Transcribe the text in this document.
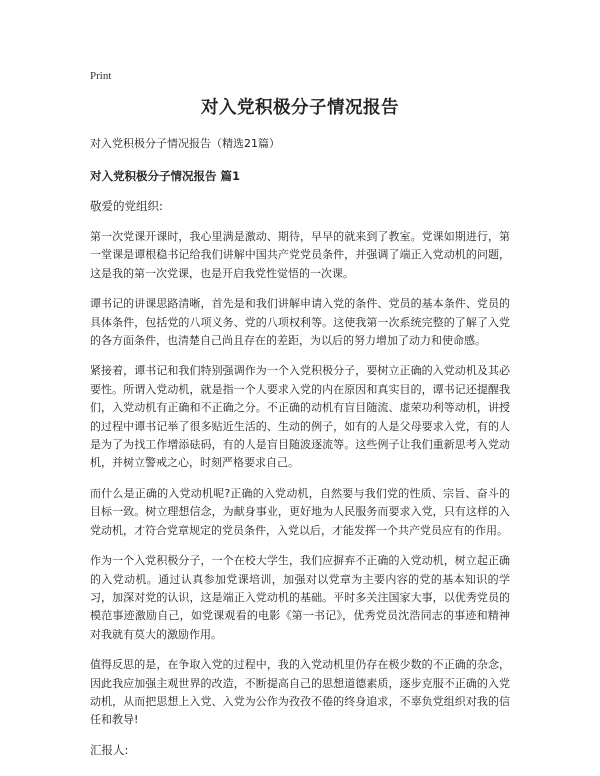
Print
对入党积极分子情况报告
对入党积极分子情况报告（精选21篇）
对入党积极分子情况报告 篇1
敬爱的党组织:

第一次党课开课时，我心里满是激动、期待，早早的就来到了教室。党课如期进行，第一堂课是谭根稳书记给我们讲解中国共产党党员条件，并强调了端正入党动机的问题，这是我的第一次党课，也是开启我党性觉悟的一次课。

谭书记的讲课思路清晰，首先是和我们讲解申请入党的条件、党员的基本条件、党员的具体条件，包括党的八项义务、党的八项权利等。这使我第一次系统完整的了解了入党的各方面条件，也清楚自己尚且存在的差距，为以后的努力增加了动力和使命感。

紧接着，谭书记和我们特别强调作为一个入党积极分子，要树立正确的入党动机及其必要性。所谓入党动机，就是指一个人要求入党的内在原因和真实目的，谭书记还提醒我们，入党动机有正确和不正确之分。不正确的动机有盲目随流、虚荣功利等动机，讲授的过程中谭书记举了很多贴近生活的、生动的例子，如有的人是父母要求入党，有的人是为了为找工作增添砝码，有的人是盲目随波逐流等。这些例子让我们重新思考入党动机，并树立警戒之心，时刻严格要求自己。

而什么是正确的入党动机呢?正确的入党动机，自然要与我们党的性质、宗旨、奋斗的目标一致。树立理想信念，为献身事业，更好地为人民服务而要求入党，只有这样的入党动机，才符合党章规定的党员条件，入党以后，才能发挥一个共产党员应有的作用。

作为一个入党积极分子，一个在校大学生，我们应摒弃不正确的入党动机，树立起正确的入党动机。通过认真参加党课培训，加强对以党章为主要内容的党的基本知识的学习，加深对党的认识，这是端正入党动机的基础。平时多关注国家大事，以优秀党员的模范事迹激励自己，如党课观看的电影《第一书记》，优秀党员沈浩同志的事迹和精神对我就有莫大的激励作用。

值得反思的是，在争取入党的过程中，我的入党动机里仍存在极少数的不正确的杂念，因此我应加强主观世界的改造，不断提高自己的思想道德素质，逐步克服不正确的入党动机，从而把思想上入党、入党为公作为孜孜不倦的终身追求，不辜负党组织对我的信任和教导!

汇报人:
